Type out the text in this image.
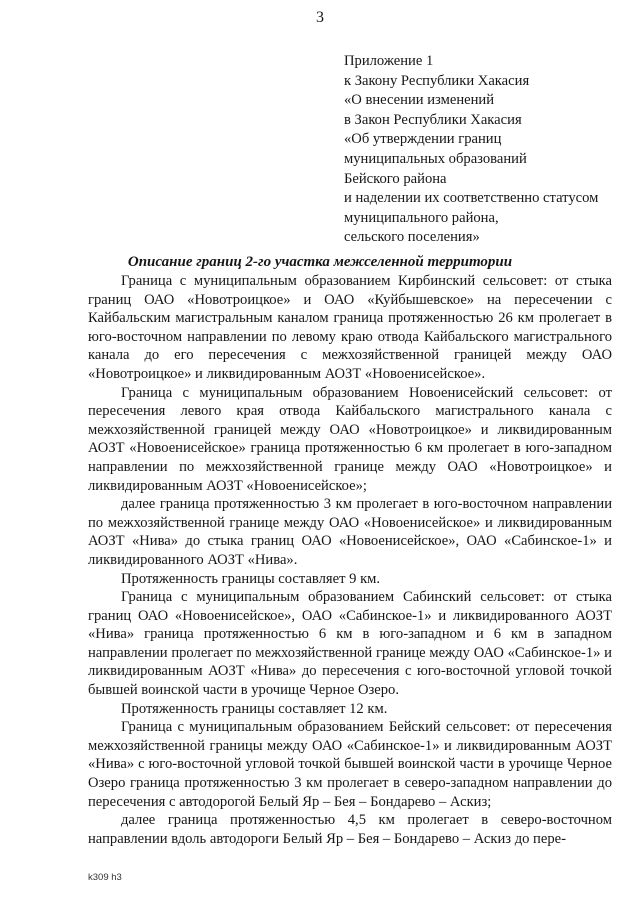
3
Приложение 1
к Закону Республики Хакасия
«О внесении изменений
в Закон Республики Хакасия
«Об утверждении границ
муниципальных образований
Бейского района
и наделении их соответственно статусом
муниципального района,
сельского поселения»
Описание границ 2-го участка межселенной территории

Граница с муниципальным образованием Кирбинский сельсовет: от стыка границ ОАО «Новотроицкое» и ОАО «Куйбышевское» на пересечении с Кайбальским магистральным каналом граница протяженностью 26 км пролегает в юго-восточном направлении по левому краю отвода Кайбальского магистрального канала до его пересечения с межхозяйственной границей между ОАО «Новотроицкое» и ликвидированным АОЗТ «Новоенисейское».

Граница с муниципальным образованием Новоенисейский сельсовет: от пересечения левого края отвода Кайбальского магистрального канала с межхозяйственной границей между ОАО «Новотроицкое» и ликвидированным АОЗТ «Новоенисейское» граница протяженностью 6 км пролегает в юго-западном направлении по межхозяйственной границе между ОАО «Новотроицкое» и ликвидированным АОЗТ «Новоенисейское»;

далее граница протяженностью 3 км пролегает в юго-восточном направлении по межхозяйственной границе между ОАО «Новоенисейское» и ликвидированным АОЗТ «Нива» до стыка границ ОАО «Новоенисейское», ОАО «Сабинское-1» и ликвидированного АОЗТ «Нива».

Протяженность границы составляет 9 км.

Граница с муниципальным образованием Сабинский сельсовет: от стыка границ ОАО «Новоенисейское», ОАО «Сабинское-1» и ликвидированного АОЗТ «Нива» граница протяженностью 6 км в юго-западном и 6 км в западном направлении пролегает по межхозяйственной границе между ОАО «Сабинское-1» и ликвидированным АОЗТ «Нива» до пересечения с юго-восточной угловой точкой бывшей воинской части в урочище Черное Озеро.

Протяженность границы составляет 12 км.

Граница с муниципальным образованием Бейский сельсовет: от пересечения межхозяйственной границы между ОАО «Сабинское-1» и ликвидированным АОЗТ «Нива» с юго-восточной угловой точкой бывшей воинской части в урочище Черное Озеро граница протяженностью 3 км пролегает в северо-западном направлении до пересечения с автодорогой Белый Яр – Бея – Бондарево – Аскиз;

далее граница протяженностью 4,5 км пролегает в северо-восточном направлении вдоль автодороги Белый Яр – Бея – Бондарево – Аскиз до пере-

k309 h3
